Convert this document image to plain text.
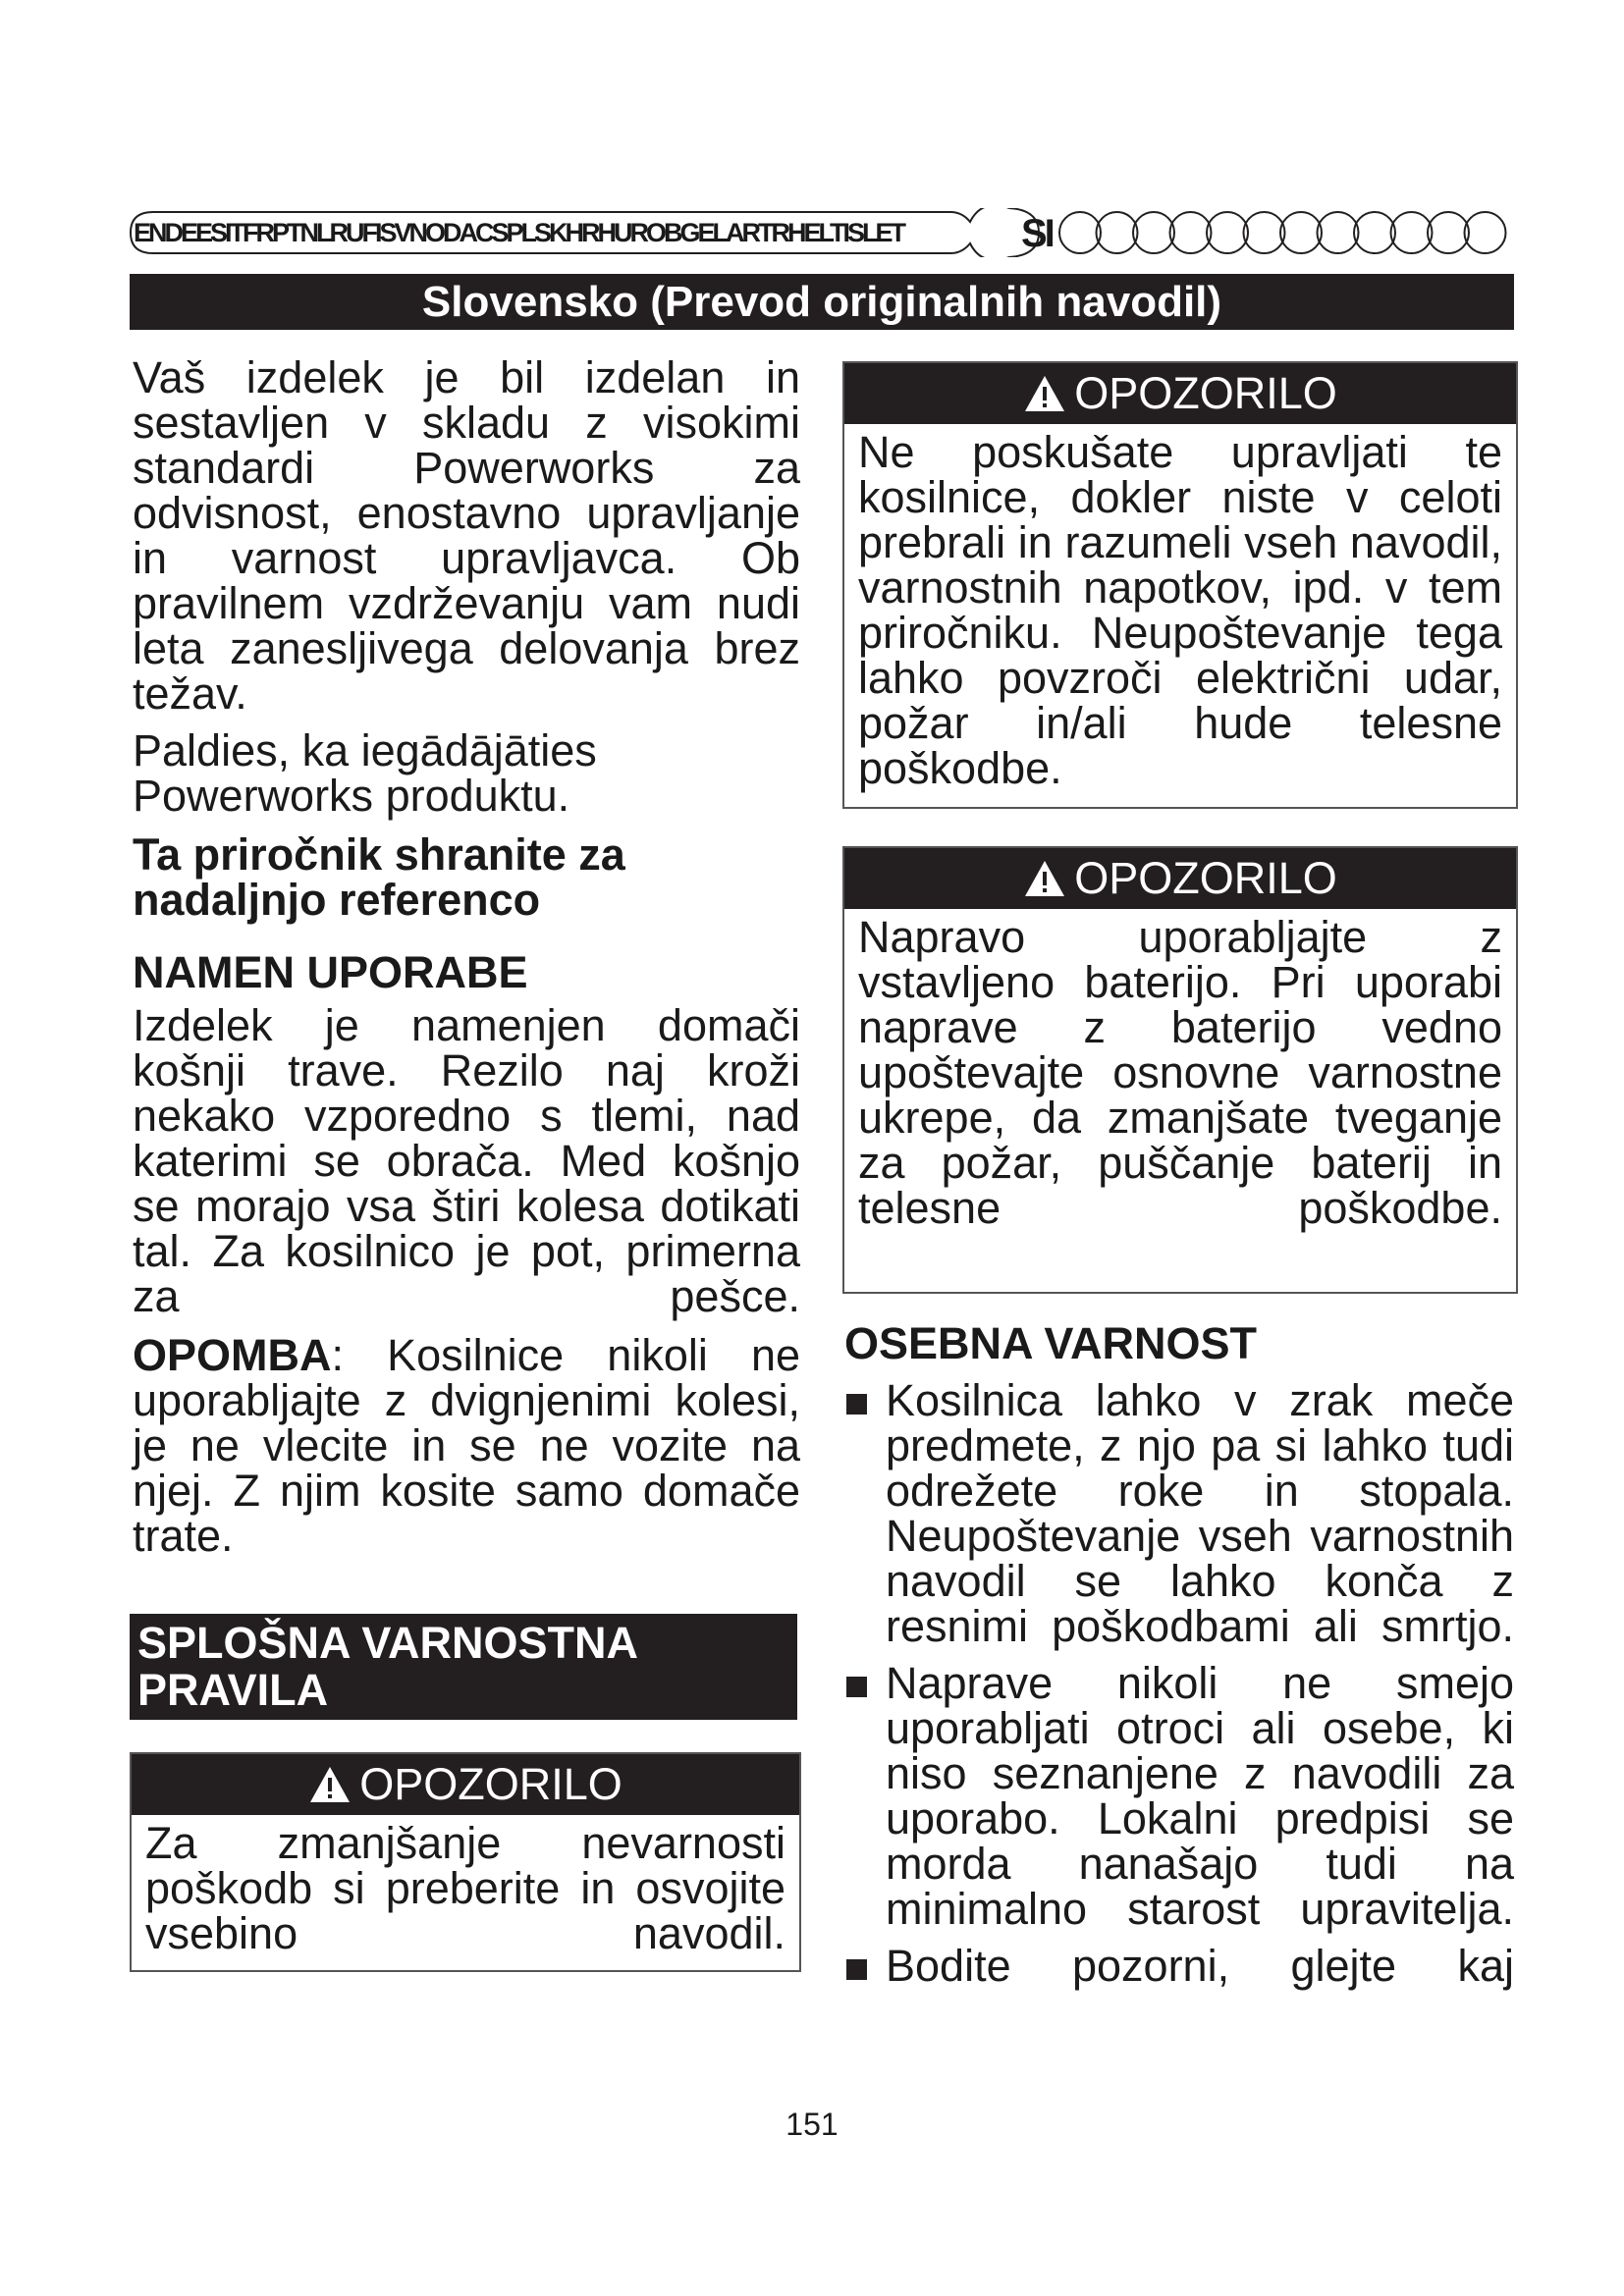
ENDEESITFRPTNLRUFISVNODACSPLSKHRHUROBGELARTRHELTISLET	SI
Slovensko (Prevod originalnih navodil)

Vaš izdelek je bil izdelan in sestavljen v skladu z visokimi standardi Powerworks za odvisnost, enostavno upravljanje in varnost upravljavca. Ob pravilnem vzdrževanju vam nudi leta zanesljivega delovanja brez težav.

Paldies, ka iegādājāties Powerworks produktu.

Ta priročnik shranite za nadaljnjo referenco

NAMEN UPORABE

Izdelek je namenjen domači košnji trave. Rezilo naj kroži nekako vzporedno s tlemi, nad katerimi se obrača. Med košnjo se morajo vsa štiri kolesa dotikati tal. Za kosilnico je pot, primerna za pešce.

OPOMBA: Kosilnice nikoli ne uporabljajte z dvignjenimi kolesi, je ne vlecite in se ne vozite na njej. Z njim kosite samo domače trate.

SPLOŠNA VARNOSTNA
PRAVILA
OPOZORILO
Za zmanjšanje nevarnosti poškodb si preberite in osvojite vsebino navodil.
OPOZORILO
Ne poskušate upravljati te kosilnice, dokler niste v celoti prebrali in razumeli vseh navodil, varnostnih napotkov, ipd. v tem priročniku. Neupoštevanje tega lahko povzroči električni udar, požar in/ali hude telesne poškodbe.
OPOZORILO
Napravo uporabljajte z vstavljeno baterijo. Pri uporabi naprave z baterijo vedno upoštevajte osnovne varnostne ukrepe, da zmanjšate tveganje za požar, puščanje baterij in telesne poškodbe.

OSEBNA VARNOST

Kosilnica lahko v zrak meče predmete, z njo pa si lahko tudi odrežete roke in stopala. Neupoštevanje vseh varnostnih navodil se lahko konča z resnimi poškodbami ali smrtjo.
Naprave nikoli ne smejo uporabljati otroci ali osebe, ki niso seznanjene z navodili za uporabo. Lokalni predpisi se morda nanašajo tudi na minimalno starost upravitelja.
Bodite pozorni, glejte kaj
151
